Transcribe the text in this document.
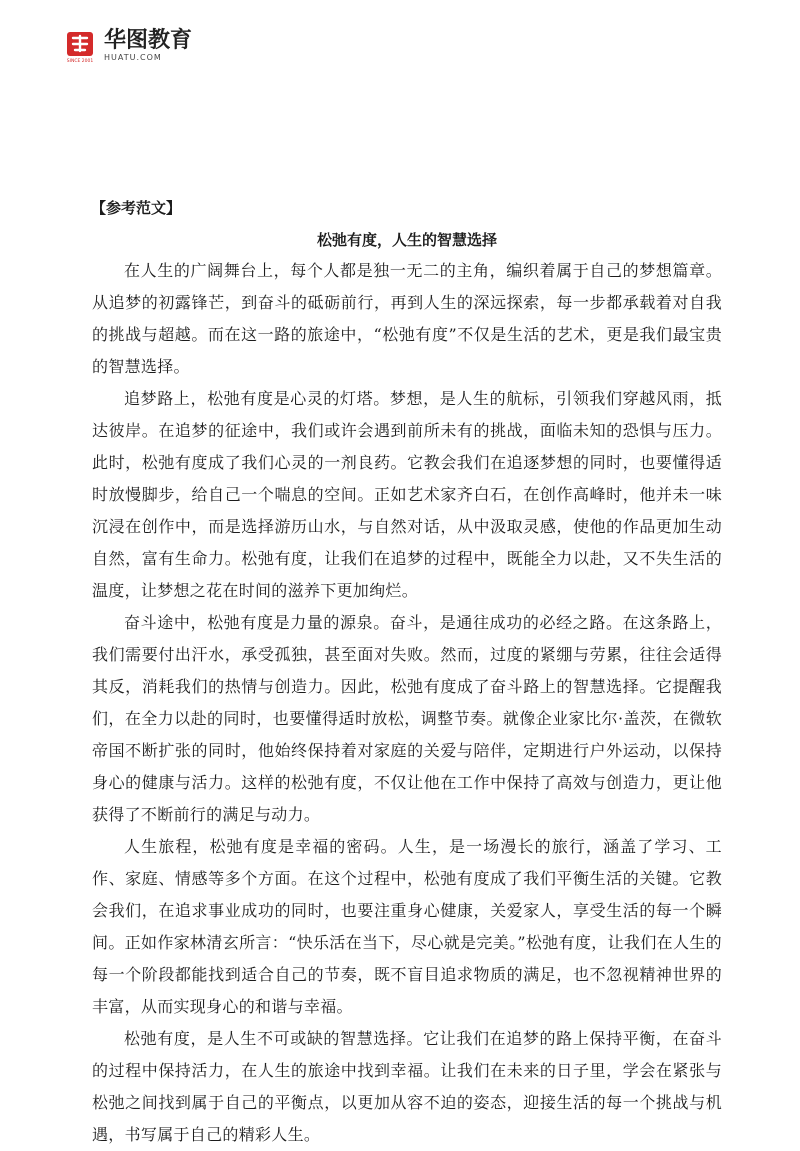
SINCE 2001
华图教育
HUATU.COM
【参考范文】
松弛有度，人生的智慧选择

在人生的广阔舞台上，每个人都是独一无二的主角，编织着属于自己的梦想篇章。从追梦的初露锋芒，到奋斗的砥砺前行，再到人生的深远探索，每一步都承载着对自我的挑战与超越。而在这一路的旅途中，“松弛有度”不仅是生活的艺术，更是我们最宝贵的智慧选择。

追梦路上，松弛有度是心灵的灯塔。梦想，是人生的航标，引领我们穿越风雨，抵达彼岸。在追梦的征途中，我们或许会遇到前所未有的挑战，面临未知的恐惧与压力。此时，松弛有度成了我们心灵的一剂良药。它教会我们在追逐梦想的同时，也要懂得适时放慢脚步，给自己一个喘息的空间。正如艺术家齐白石，在创作高峰时，他并未一味沉浸在创作中，而是选择游历山水，与自然对话，从中汲取灵感，使他的作品更加生动自然，富有生命力。松弛有度，让我们在追梦的过程中，既能全力以赴，又不失生活的温度，让梦想之花在时间的滋养下更加绚烂。

奋斗途中，松弛有度是力量的源泉。奋斗，是通往成功的必经之路。在这条路上，我们需要付出汗水，承受孤独，甚至面对失败。然而，过度的紧绷与劳累，往往会适得其反，消耗我们的热情与创造力。因此，松弛有度成了奋斗路上的智慧选择。它提醒我们，在全力以赴的同时，也要懂得适时放松，调整节奏。就像企业家比尔·盖茨，在微软帝国不断扩张的同时，他始终保持着对家庭的关爱与陪伴，定期进行户外运动，以保持身心的健康与活力。这样的松弛有度，不仅让他在工作中保持了高效与创造力，更让他获得了不断前行的满足与动力。

人生旅程，松弛有度是幸福的密码。人生，是一场漫长的旅行，涵盖了学习、工作、家庭、情感等多个方面。在这个过程中，松弛有度成了我们平衡生活的关键。它教会我们，在追求事业成功的同时，也要注重身心健康，关爱家人，享受生活的每一个瞬间。正如作家林清玄所言：“快乐活在当下，尽心就是完美。”松弛有度，让我们在人生的每一个阶段都能找到适合自己的节奏，既不盲目追求物质的满足，也不忽视精神世界的丰富，从而实现身心的和谐与幸福。

松弛有度，是人生不可或缺的智慧选择。它让我们在追梦的路上保持平衡，在奋斗的过程中保持活力，在人生的旅途中找到幸福。让我们在未来的日子里，学会在紧张与松弛之间找到属于自己的平衡点，以更加从容不迫的姿态，迎接生活的每一个挑战与机遇，书写属于自己的精彩人生。
